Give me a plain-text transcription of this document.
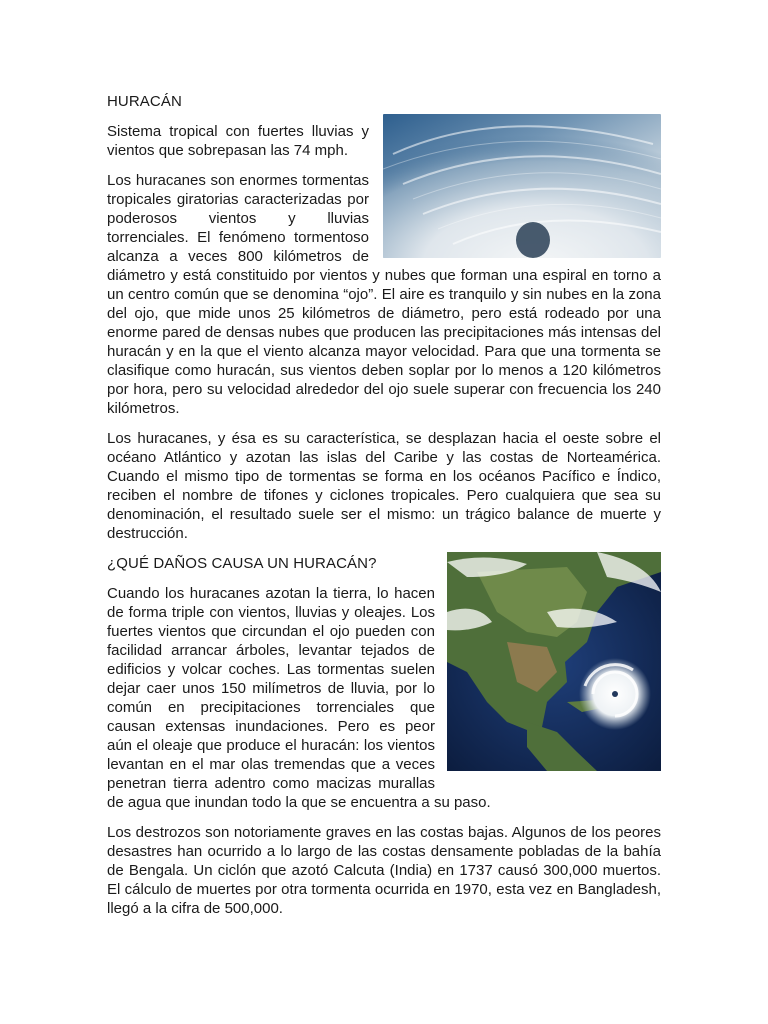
HURACÁN

Sistema tropical con fuertes lluvias y vientos que sobrepasan las 74 mph.

Los huracanes son enormes tormentas tropicales giratorias caracterizadas por poderosos vientos y lluvias torrenciales. El fenómeno tormentoso alcanza a veces 800 kilómetros de diámetro y está constituido por vientos y nubes que forman una espiral en torno a un centro común que se denomina “ojo”. El aire es tranquilo y sin nubes en la zona del ojo, que mide unos 25 kilómetros de diámetro, pero está rodeado por una enorme pared de densas nubes que producen las precipitaciones más intensas del huracán y en la que el viento alcanza mayor velocidad. Para que una tormenta se clasifique como huracán, sus vientos deben soplar por lo menos a 120 kilómetros por hora, pero su velocidad alrededor del ojo suele superar con frecuencia los 240 kilómetros.

Los huracanes, y ésa es su característica, se desplazan hacia el oeste sobre el océano Atlántico y azotan las islas del Caribe y las costas de Norteamérica. Cuando el mismo tipo de tormentas se forma en los océanos Pacífico e Índico, reciben el nombre de tifones y ciclones tropicales. Pero cualquiera que sea su denominación, el resultado suele ser el mismo: un trágico balance de muerte y destrucción.

¿QUÉ DAÑOS CAUSA UN HURACÁN?

Cuando los huracanes azotan la tierra, lo hacen de forma triple con vientos, lluvias y oleajes. Los fuertes vientos que circundan el ojo pueden con facilidad arrancar árboles, levantar tejados de edificios y volcar coches. Las tormentas suelen dejar caer unos 150 milímetros de lluvia, por lo común en precipitaciones torrenciales que causan extensas inundaciones. Pero es peor aún el oleaje que produce el huracán: los vientos levantan en el mar olas tremendas que a veces penetran tierra adentro como macizas murallas de agua que inundan todo la que se encuentra a su paso.

Los destrozos son notoriamente graves en las costas bajas. Algunos de los peores desastres han ocurrido a lo largo de las costas densamente pobladas de la bahía de Bengala. Un ciclón que azotó Calcuta (India) en 1737 causó 300,000 muertos. El cálculo de muertes por otra tormenta ocurrida en 1970, esta vez en Bangladesh, llegó a la cifra de 500,000.
